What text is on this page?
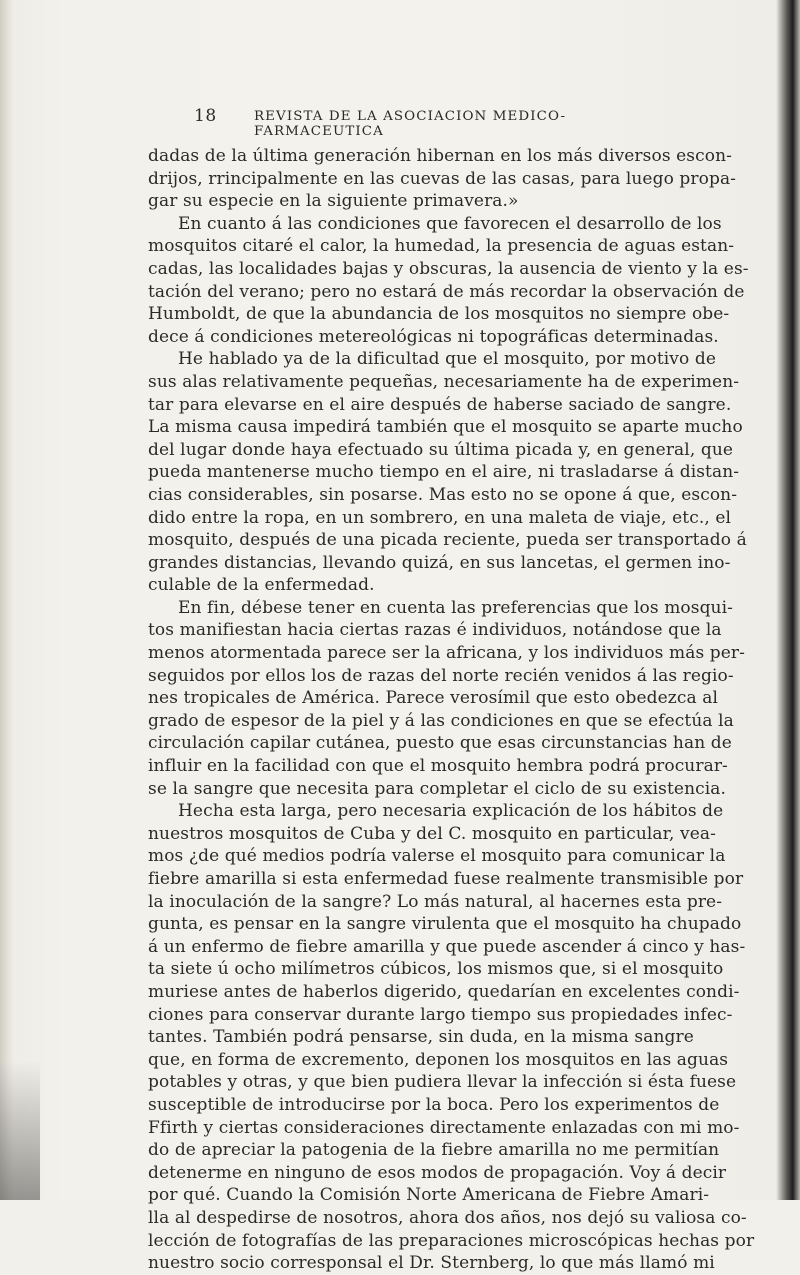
18	REVISTA DE LA ASOCIACION MEDICO-FARMACEUTICA
dadas de la última generación hibernan en los más diversos escon-
drijos, rrincipalmente en las cuevas de las casas, para luego propa-
gar su especie en la siguiente primavera.»
En cuanto á las condiciones que favorecen el desarrollo de los
mosquitos citaré el calor, la humedad, la presencia de aguas estan-
cadas, las localidades bajas y obscuras, la ausencia de viento y la es-
tación del verano; pero no estará de más recordar la observación de
Humboldt, de que la abundancia de los mosquitos no siempre obe-
dece á condiciones metereológicas ni topográficas determinadas.
He hablado ya de la dificultad que el mosquito, por motivo de
sus alas relativamente pequeñas, necesariamente ha de experimen-
tar para elevarse en el aire después de haberse saciado de sangre.
La misma causa impedirá también que el mosquito se aparte mucho
del lugar donde haya efectuado su última picada y, en general, que
pueda mantenerse mucho tiempo en el aire, ni trasladarse á distan-
cias considerables, sin posarse. Mas esto no se opone á que, escon-
dido entre la ropa, en un sombrero, en una maleta de viaje, etc., el
mosquito, después de una picada reciente, pueda ser transportado á
grandes distancias, llevando quizá, en sus lancetas, el germen ino-
culable de la enfermedad.
En fin, débese tener en cuenta las preferencias que los mosqui-
tos manifiestan hacia ciertas razas é individuos, notándose que la
menos atormentada parece ser la africana, y los individuos más per-
seguidos por ellos los de razas del norte recién venidos á las regio-
nes tropicales de América. Parece verosímil que esto obedezca al
grado de espesor de la piel y á las condiciones en que se efectúa la
circulación capilar cutánea, puesto que esas circunstancias han de
influir en la facilidad con que el mosquito hembra podrá procurar-
se la sangre que necesita para completar el ciclo de su existencia.
Hecha esta larga, pero necesaria explicación de los hábitos de
nuestros mosquitos de Cuba y del C. mosquito en particular, vea-
mos ¿de qué medios podría valerse el mosquito para comunicar la
fiebre amarilla si esta enfermedad fuese realmente transmisible por
la inoculación de la sangre? Lo más natural, al hacernes esta pre-
gunta, es pensar en la sangre virulenta que el mosquito ha chupado
á un enfermo de fiebre amarilla y que puede ascender á cinco y has-
ta siete ú ocho milímetros cúbicos, los mismos que, si el mosquito
muriese antes de haberlos digerido, quedarían en excelentes condi-
ciones para conservar durante largo tiempo sus propiedades infec-
tantes. También podrá pensarse, sin duda, en la misma sangre
que, en forma de excremento, deponen los mosquitos en las aguas
potables y otras, y que bien pudiera llevar la infección si ésta fuese
susceptible de introducirse por la boca. Pero los experimentos de
Ffirth y ciertas consideraciones directamente enlazadas con mi mo-
do de apreciar la patogenia de la fiebre amarilla no me permitían
detenerme en ninguno de esos modos de propagación. Voy á decir
por qué. Cuando la Comisión Norte Americana de Fiebre Amari-
lla al despedirse de nosotros, ahora dos años, nos dejó su valiosa co-
lección de fotografías de las preparaciones microscópicas hechas por
nuestro socio corresponsal el Dr. Sternberg, lo que más llamó mi
